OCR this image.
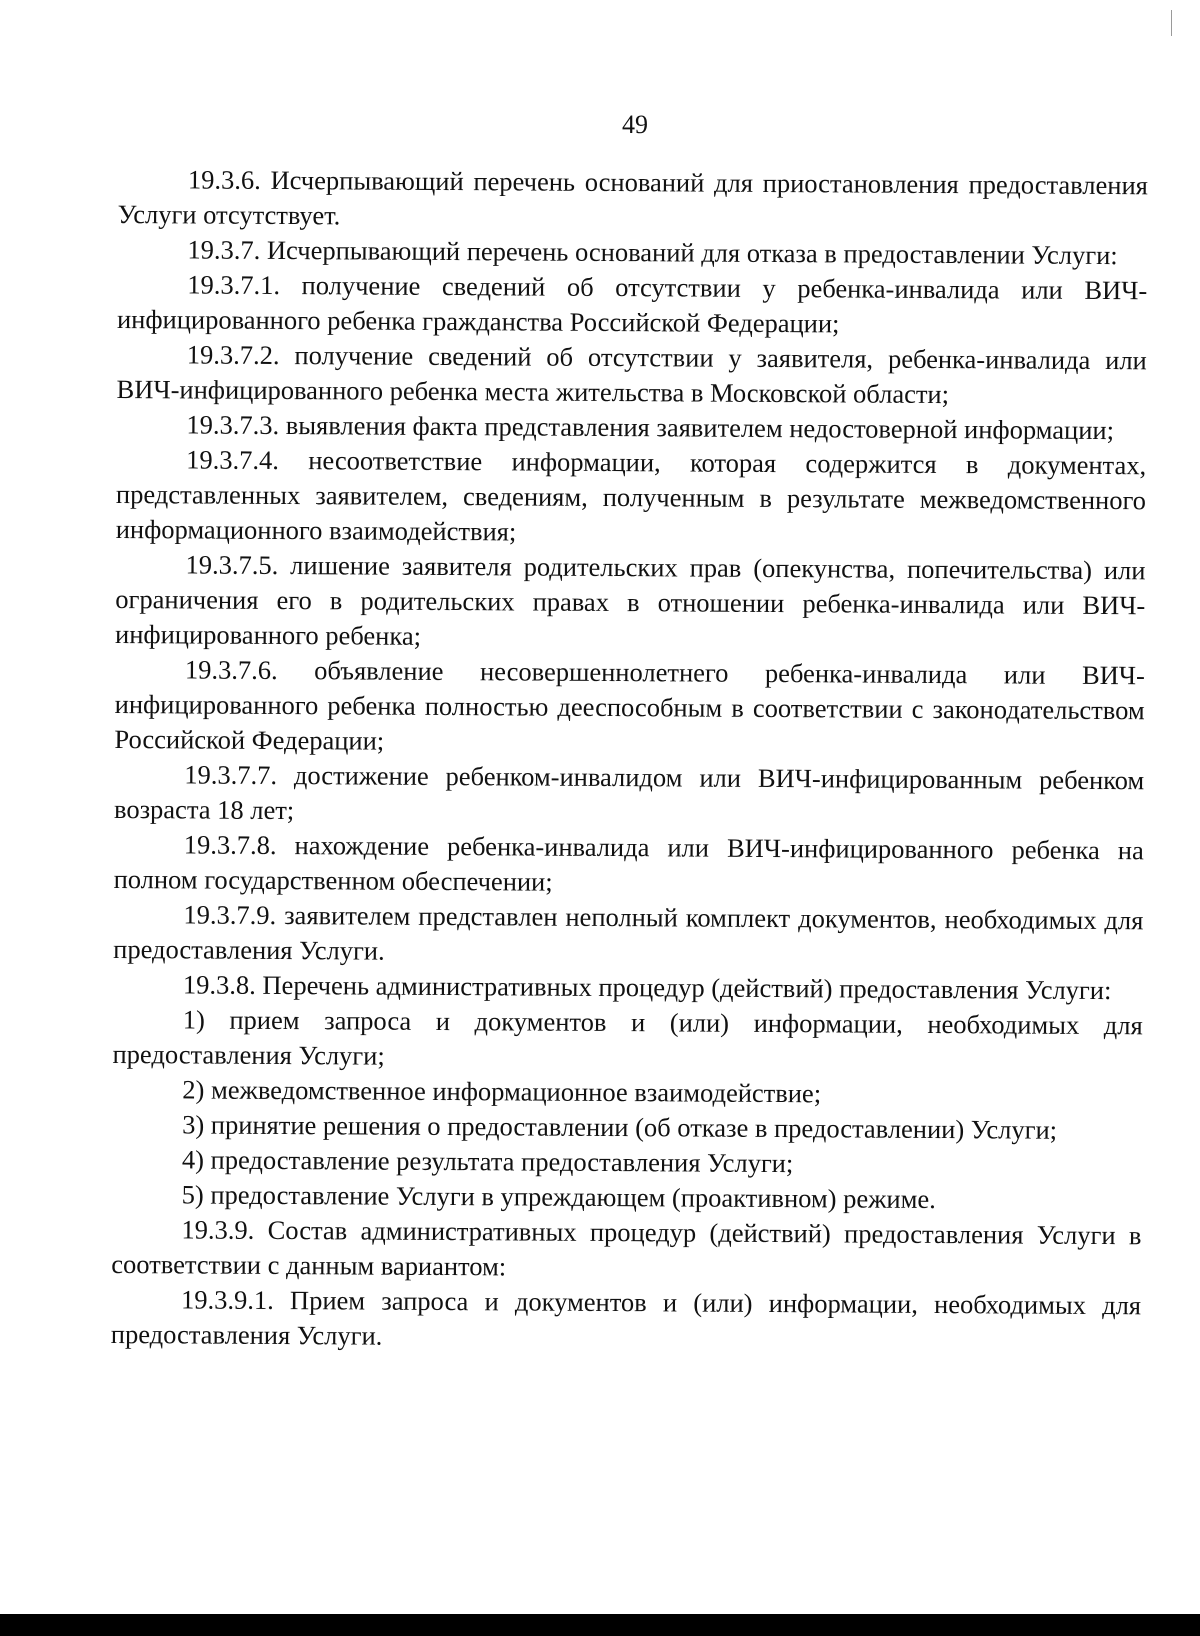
49

19.3.6. Исчерпывающий перечень оснований для приостановления предоставления Услуги отсутствует.

19.3.7. Исчерпывающий перечень оснований для отказа в предоставлении Услуги:

19.3.7.1. получение сведений об отсутствии у ребенка-инвалида или ВИЧ-инфицированного ребенка гражданства Российской Федерации;

19.3.7.2. получение сведений об отсутствии у заявителя, ребенка-инвалида или ВИЧ-инфицированного ребенка места жительства в Московской области;

19.3.7.3. выявления факта представления заявителем недостоверной информации;

19.3.7.4. несоответствие информации, которая содержится в документах, представленных заявителем, сведениям, полученным в результате межведомственного информационного взаимодействия;

19.3.7.5. лишение заявителя родительских прав (опекунства, попечительства) или ограничения его в родительских правах в отношении ребенка-инвалида или ВИЧ-инфицированного ребенка;

19.3.7.6. объявление несовершеннолетнего ребенка-инвалида или ВИЧ-инфицированного ребенка полностью дееспособным в соответствии с законодательством Российской Федерации;

19.3.7.7. достижение ребенком-инвалидом или ВИЧ-инфицированным ребенком возраста 18 лет;

19.3.7.8. нахождение ребенка-инвалида или ВИЧ-инфицированного ребенка на полном государственном обеспечении;

19.3.7.9. заявителем представлен неполный комплект документов, необходимых для предоставления Услуги.

19.3.8. Перечень административных процедур (действий) предоставления Услуги:

1) прием запроса и документов и (или) информации, необходимых для предоставления Услуги;

2) межведомственное информационное взаимодействие;

3) принятие решения о предоставлении (об отказе в предоставлении) Услуги;

4) предоставление результата предоставления Услуги;

5) предоставление Услуги в упреждающем (проактивном) режиме.

19.3.9. Состав административных процедур (действий) предоставления Услуги в соответствии с данным вариантом:

19.3.9.1. Прием запроса и документов и (или) информации, необходимых для предоставления Услуги.
